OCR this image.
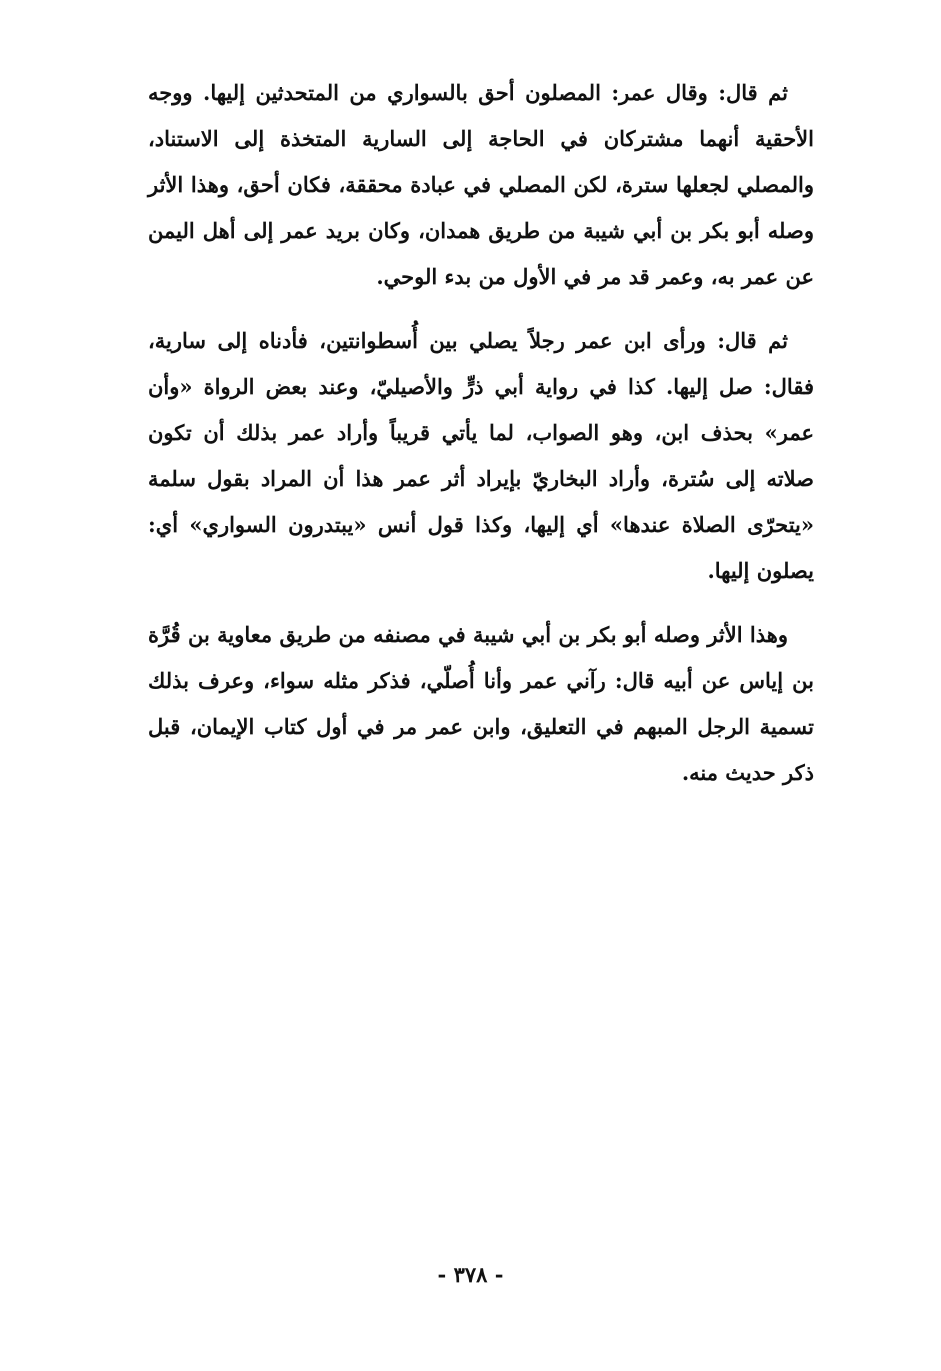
ثم قال: وقال عمر: المصلون أحق بالسواري من المتحدثين إليها. ووجه الأحقية أنهما مشتركان في الحاجة إلى السارية المتخذة إلى الاستناد، والمصلي لجعلها سترة، لكن المصلي في عبادة محققة، فكان أحق، وهذا الأثر وصله أبو بكر بن أبي شيبة من طريق همدان، وكان بريد عمر إلى أهل اليمن عن عمر به، وعمر قد مر في الأول من بدء الوحي.

ثم قال: ورأى ابن عمر رجلاً يصلي بين أُسطوانتين، فأدناه إلى سارية، فقال: صل إليها. كذا في رواية أبي ذرٍّ والأصيليّ، وعند بعض الرواة «وأن عمر» بحذف ابن، وهو الصواب، لما يأتي قريباً وأراد عمر بذلك أن تكون صلاته إلى سُترة، وأراد البخاريّ بإيراد أثر عمر هذا أن المراد بقول سلمة «يتحرّى الصلاة عندها» أي إليها، وكذا قول أنس «يبتدرون السواري» أي: يصلون إليها.

وهذا الأثر وصله أبو بكر بن أبي شيبة في مصنفه من طريق معاوية بن قُرَّة بن إياس عن أبيه قال: رآني عمر وأنا أُصلّي، فذكر مثله سواء، وعرف بذلك تسمية الرجل المبهم في التعليق، وابن عمر مر في أول كتاب الإيمان، قبل ذكر حديث منه.

- ٣٧٨ -
